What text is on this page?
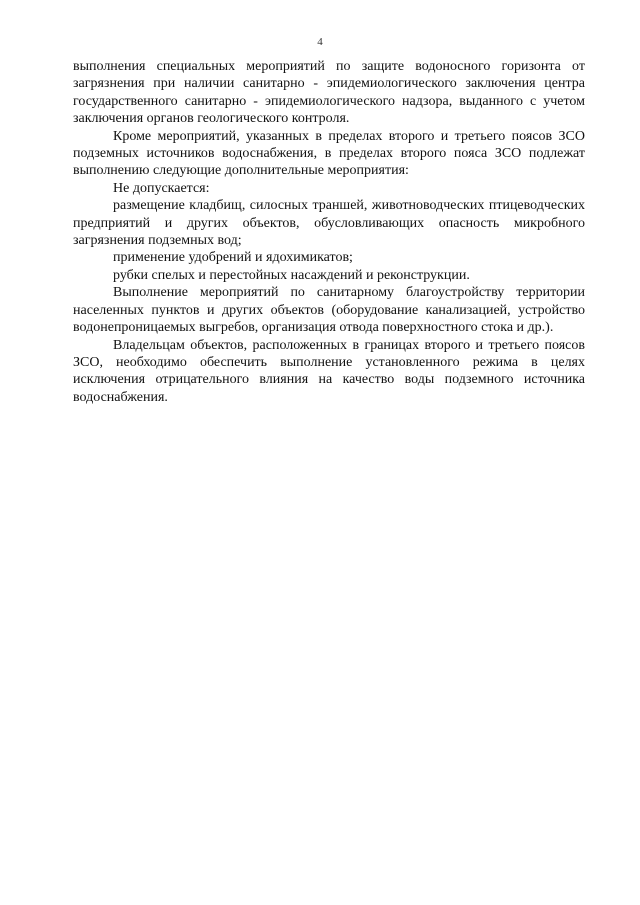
4

выполнения специальных мероприятий по защите водоносного горизонта от загрязнения при наличии санитарно - эпидемиологического заключения центра государственного санитарно - эпидемиологического надзора, выданного с учетом заключения органов геологического контроля.

Кроме мероприятий, указанных в пределах второго и третьего поясов ЗСО подземных источников водоснабжения, в пределах второго пояса ЗСО подлежат выполнению следующие дополнительные мероприятия:

Не допускается:

размещение кладбищ, силосных траншей, животноводческих птицеводческих предприятий и других объектов, обусловливающих опасность микробного загрязнения подземных вод;

применение удобрений и ядохимикатов;

рубки спелых и перестойных насаждений и реконструкции.

Выполнение мероприятий по санитарному благоустройству территории населенных пунктов и других объектов (оборудование канализацией, устройство водонепроницаемых выгребов, организация отвода поверхностного стока и др.).

Владельцам объектов, расположенных в границах второго и третьего поясов ЗСО, необходимо обеспечить выполнение установленного режима в целях исключения отрицательного влияния на качество воды подземного источника водоснабжения.
